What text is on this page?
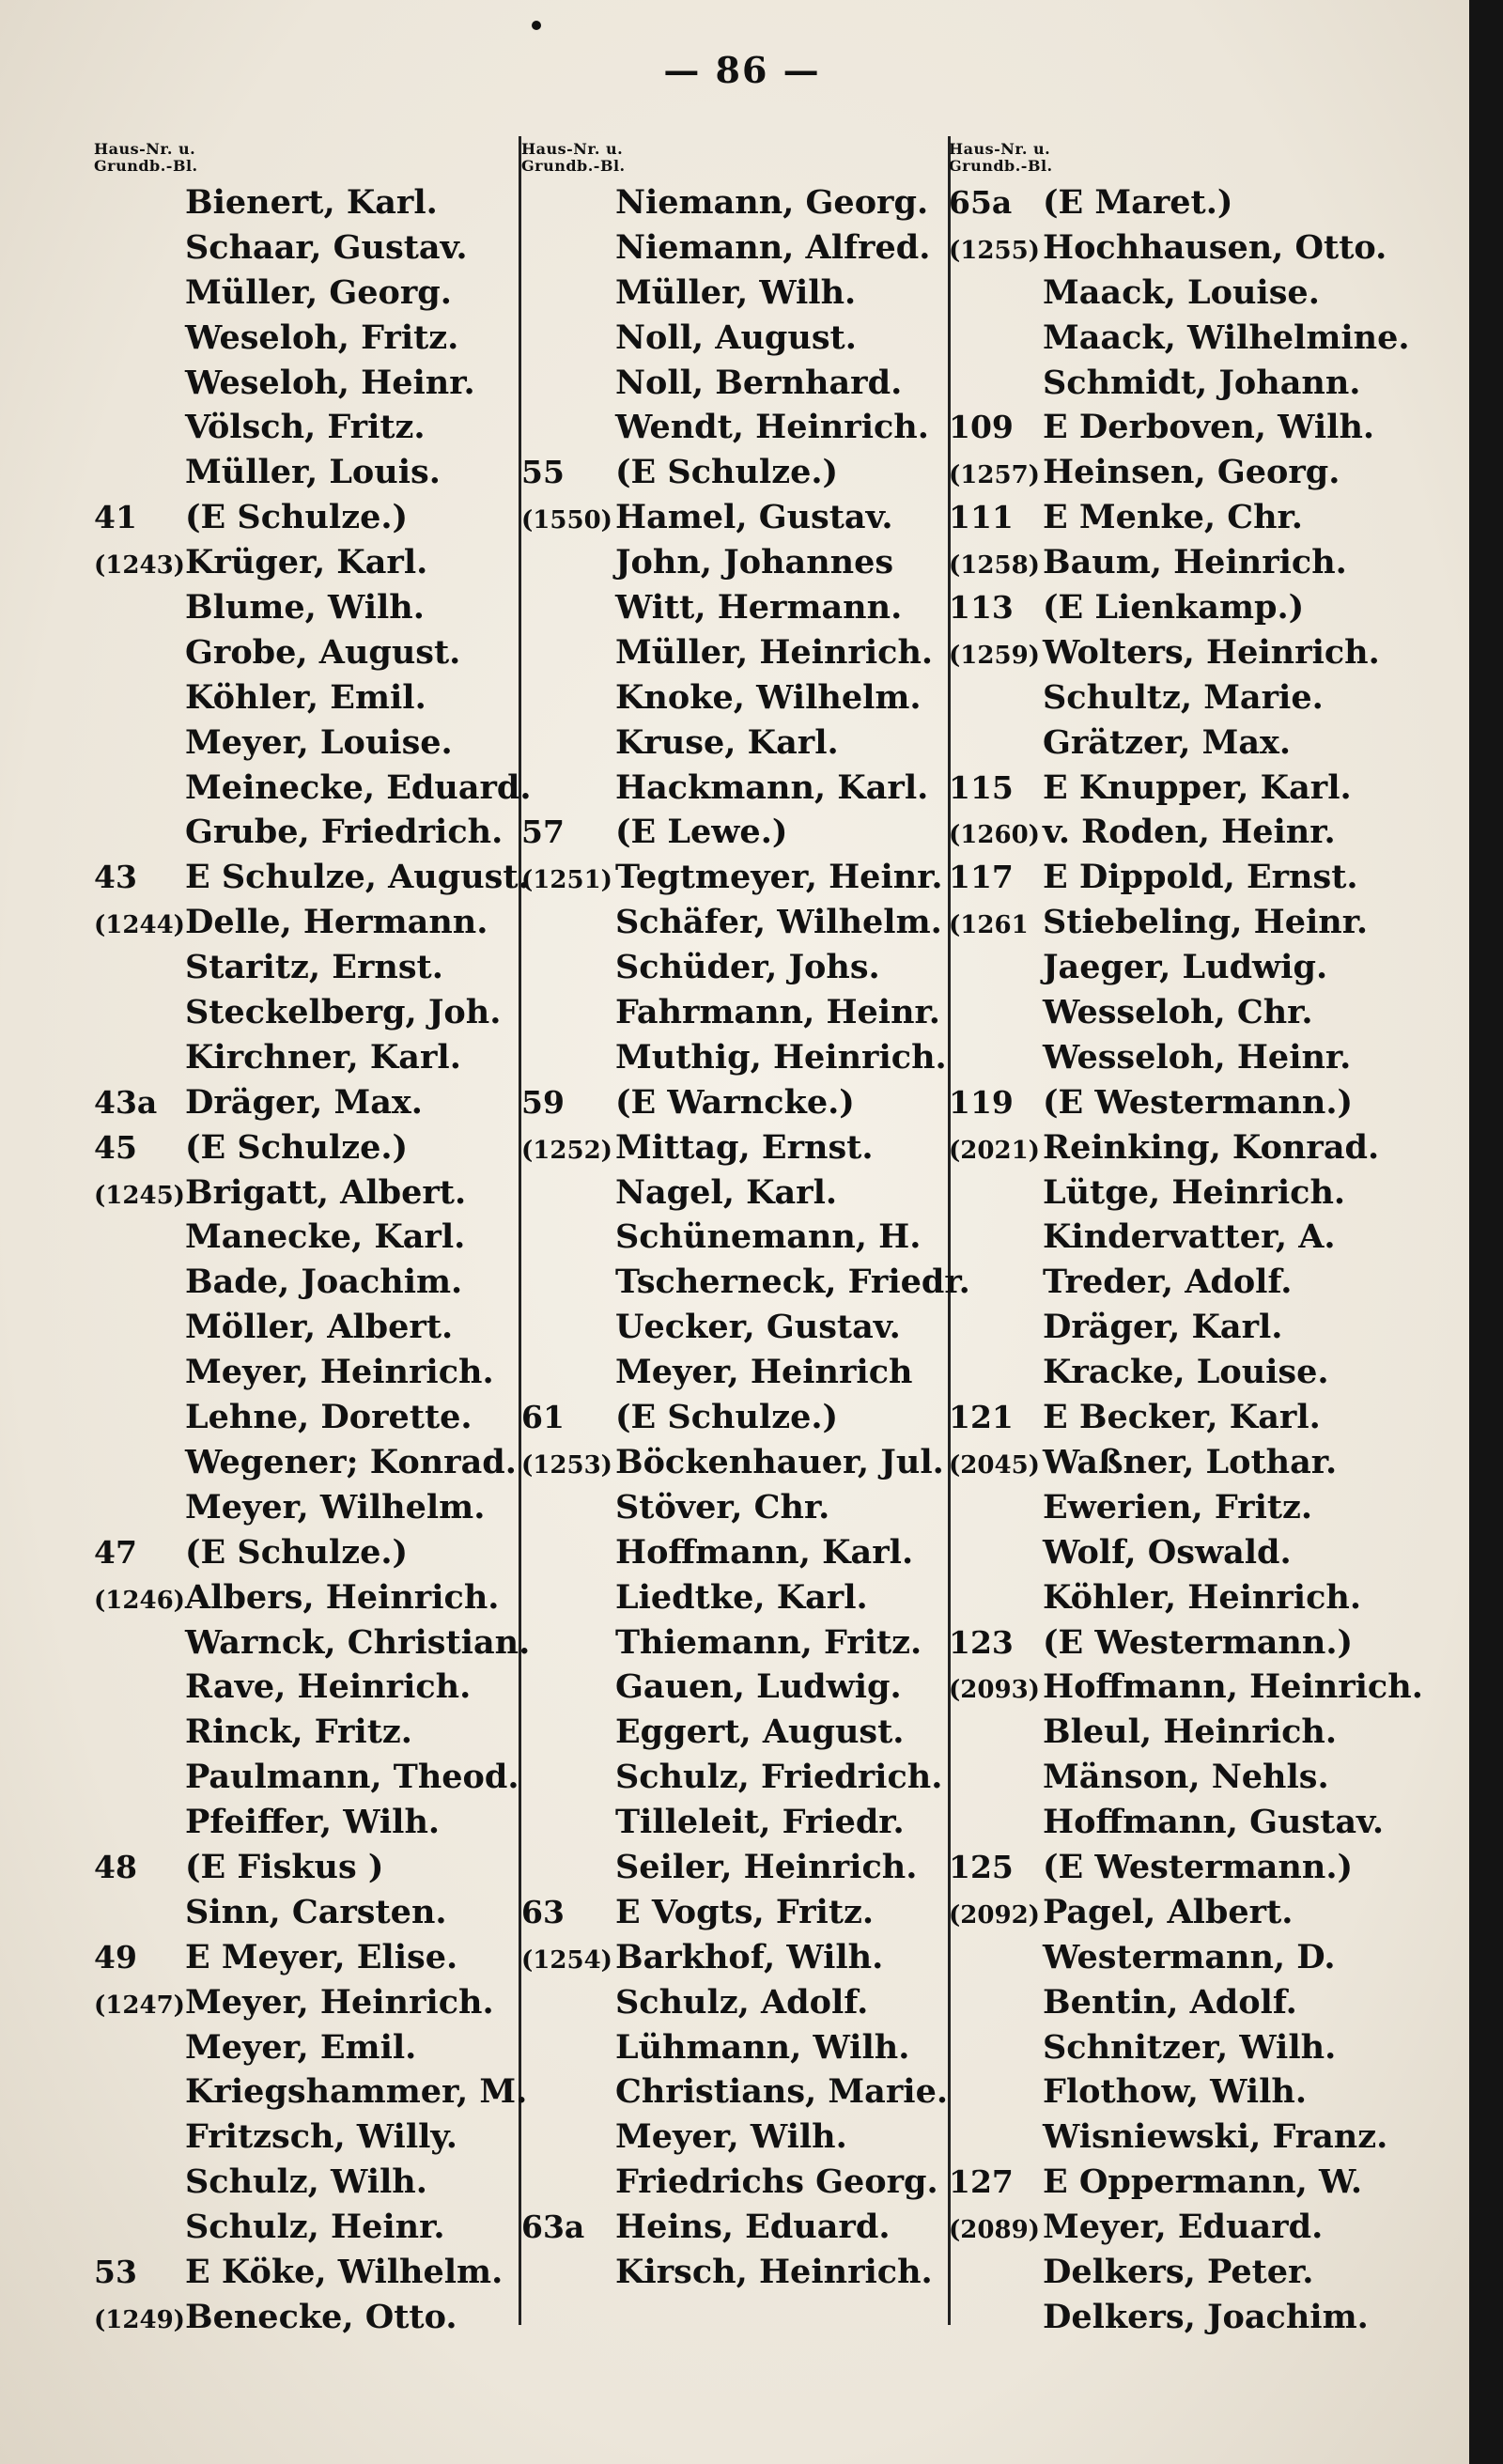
— 86 —
Haus-Nr. u.
Grundb.-Bl.
Bienert, Karl.
Schaar, Gustav.
Müller, Georg.
Weseloh, Fritz.
Weseloh, Heinr.
Völsch, Fritz.
Müller, Louis.
41	(E Schulze.)
(1243) Krüger, Karl.
Blume, Wilh.
Grobe, August.
Köhler, Emil.
Meyer, Louise.
Meinecke, Eduard.
Grube, Friedrich.
43	E Schulze, August.
(1244) Delle, Hermann.
Staritz, Ernst.
Steckelberg, Joh.
Kirchner, Karl.
43a Dräger, Max.
45	(E Schulze.)
(1245) Brigatt, Albert.
Manecke, Karl.
Bade, Joachim.
Möller, Albert.
Meyer, Heinrich.
Lehne, Dorette.
Wegener; Konrad.
Meyer, Wilhelm.
47	(E Schulze.)
(1246) Albers, Heinrich.
Warnck, Christian.
Rave, Heinrich.
Rinck, Fritz.
Paulmann, Theod.
Pfeiffer, Wilh.
48	(E Fiskus )
Sinn, Carsten.
49	E Meyer, Elise.
(1247) Meyer, Heinrich.
Meyer, Emil.
Kriegshammer, M.
Fritzsch, Willy.
Schulz, Wilh.
Schulz, Heinr.
53	E Köke, Wilhelm.
(1249) Benecke, Otto.
Haus-Nr. u.
Grundb.-Bl.
Niemann, Georg.
Niemann, Alfred.
Müller, Wilh.
Noll, August.
Noll, Bernhard.
Wendt, Heinrich.
55	(E Schulze.)
(1550) Hamel, Gustav.
John, Johannes
Witt, Hermann.
Müller, Heinrich.
Knoke, Wilhelm.
Kruse, Karl.
Hackmann, Karl.
57	(E Lewe.)
(1251) Tegtmeyer, Heinr.
Schäfer, Wilhelm.
Schüder, Johs.
Fahrmann, Heinr.
Muthig, Heinrich.
59	(E Warncke.)
(1252) Mittag, Ernst.
Nagel, Karl.
Schünemann, H.
Tscherneck, Friedr.
Uecker, Gustav.
Meyer, Heinrich
61	(E Schulze.)
(1253) Böckenhauer, Jul.
Stöver, Chr.
Hoffmann, Karl.
Liedtke, Karl.
Thiemann, Fritz.
Gauen, Ludwig.
Eggert, August.
Schulz, Friedrich.
Tilleleit, Friedr.
Seiler, Heinrich.
63	E Vogts, Fritz.
(1254) Barkhof, Wilh.
Schulz, Adolf.
Lühmann, Wilh.
Christians, Marie.
Meyer, Wilh.
Friedrichs Georg.
63a Heins, Eduard.
Kirsch, Heinrich.
Haus-Nr. u.
Grundb.-Bl.
65a (E Maret.)
(1255) Hochhausen, Otto.
Maack, Louise.
Maack, Wilhelmine.
Schmidt, Johann.
109 E Derboven, Wilh.
(1257) Heinsen, Georg.
111 E Menke, Chr.
(1258) Baum, Heinrich.
113 (E Lienkamp.)
(1259) Wolters, Heinrich.
Schultz, Marie.
Grätzer, Max.
115 E Knupper, Karl.
(1260) v. Roden, Heinr.
117 E Dippold, Ernst.
(1261 Stiebeling, Heinr.
Jaeger, Ludwig.
Wesseloh, Chr.
Wesseloh, Heinr.
119 (E Westermann.)
(2021) Reinking, Konrad.
Lütge, Heinrich.
Kindervatter, A.
Treder, Adolf.
Dräger, Karl.
Kracke, Louise.
121 E Becker, Karl.
(2045) Waßner, Lothar.
Ewerien, Fritz.
Wolf, Oswald.
Köhler, Heinrich.
123 (E Westermann.)
(2093) Hoffmann, Heinrich.
Bleul, Heinrich.
Mänson, Nehls.
Hoffmann, Gustav.
125 (E Westermann.)
(2092) Pagel, Albert.
Westermann, D.
Bentin, Adolf.
Schnitzer, Wilh.
Flothow, Wilh.
Wisniewski, Franz.
127 E Oppermann, W.
(2089) Meyer, Eduard.
Delkers, Peter.
Delkers, Joachim.
